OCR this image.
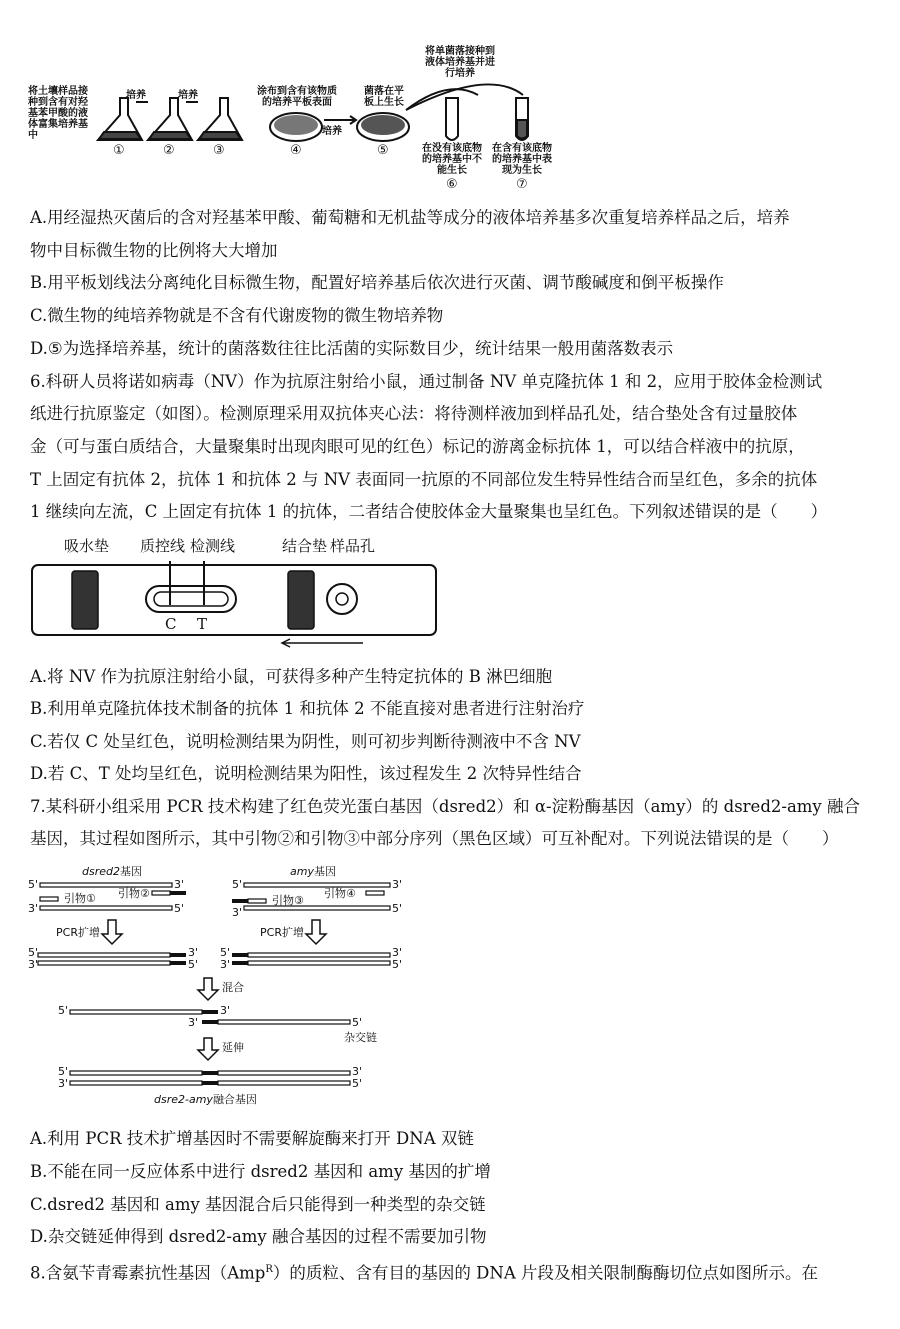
将土壤样品接种到含有对羟基苯甲酸的液体富集培养基中
培养	培养	涂布到含有该物质的培养平板表面
培养
菌落在平板上生长
将单菌落接种到液体培养基并进行培养
在没有该底物的培养基中不能生长
在含有该底物的培养基中表现为生长
①	②	③	④	⑤
⑥	⑦
A.用经湿热灭菌后的含对羟基苯甲酸、葡萄糖和无机盐等成分的液体培养基多次重复培养样品之后，培养
物中目标微生物的比例将大大增加
B.用平板划线法分离纯化目标微生物，配置好培养基后依次进行灭菌、调节酸碱度和倒平板操作
C.微生物的纯培养物就是不含有代谢废物的微生物培养物
D.⑤为选择培养基，统计的菌落数往往比活菌的实际数目少，统计结果一般用菌落数表示
6.科研人员将诺如病毒（NV）作为抗原注射给小鼠，通过制备 NV 单克隆抗体 1 和 2，应用于胶体金检测试
纸进行抗原鉴定（如图）。检测原理采用双抗体夹心法：将待测样液加到样品孔处，结合垫处含有过量胶体
金（可与蛋白质结合，大量聚集时出现肉眼可见的红色）标记的游离金标抗体 1，可以结合样液中的抗原，
T 上固定有抗体 2，抗体 1 和抗体 2 与 NV 表面同一抗原的不同部位发生特异性结合而呈红色，多余的抗体
1 继续向左流，C 上固定有抗体 1 的抗体，二者结合使胶体金大量聚集也呈红色。下列叙述错误的是（　　）
吸水垫 质控线 检测线	结合垫 样品孔
C T
A.将 NV 作为抗原注射给小鼠，可获得多种产生特定抗体的 B 淋巴细胞
B.利用单克隆抗体技术制备的抗体 1 和抗体 2 不能直接对患者进行注射治疗
C.若仅 C 处呈红色，说明检测结果为阴性，则可初步判断待测液中不含 NV
D.若 C、T 处均呈红色，说明检测结果为阳性，该过程发生 2 次特异性结合
7.某科研小组采用 PCR 技术构建了红色荧光蛋白基因（dsred2）和 α-淀粉酶基因（amy）的 dsred2-amy 融合
基因，其过程如图所示，其中引物②和引物③中部分序列（黑色区域）可互补配对。下列说法错误的是（　　）
dsred2基因	amy基因
引物① 引物②
引物③
引物④
5'	3'
3'	5'
5'	3'
3'	5'
PCR扩增	PCR扩增
5'	3'
3'	5'
5'	3'
3'	5'
混合
5'	3'
3'	5'
杂交链
延伸
5'	3'
3'	5'
dsre2-amy融合基因
A.利用 PCR 技术扩增基因时不需要解旋酶来打开 DNA 双链
B.不能在同一反应体系中进行 dsred2 基因和 amy 基因的扩增
C.dsred2 基因和 amy 基因混合后只能得到一种类型的杂交链
D.杂交链延伸得到 dsred2-amy 融合基因的过程不需要加引物
8.含氨苄青霉素抗性基因（Amp$^R$）的质粒、含有目的基因的 DNA 片段及相关限制酶酶切位点如图所示。在
